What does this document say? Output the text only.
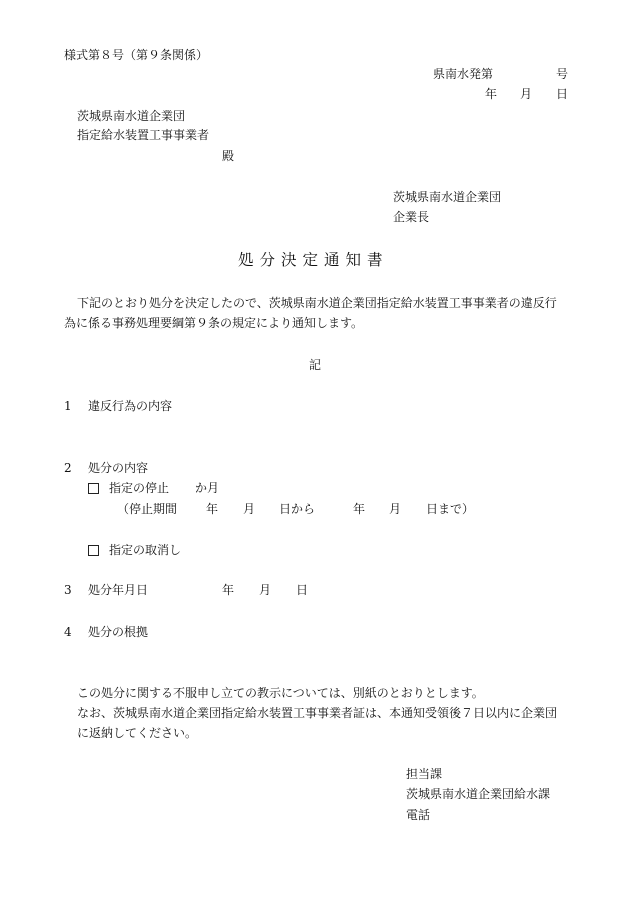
様式第８号（第９条関係）
県南水発第	号
年 月 日
茨城県南水道企業団
指定給水装置工事事業者
殿
茨城県南水道企業団
企業長
処分決定通知書
下記のとおり処分を決定したので、茨城県南水道企業団指定給水装置工事事業者の違反行
為に係る事務処理要綱第９条の規定により通知します。
記
1 違反行為の内容
2 処分の内容
指定の停止 か月
（停止期間 年 月 日から	年 月 日まで）
指定の取消し
3 処分年月日	年 月 日
4 処分の根拠
この処分に関する不服申し立ての教示については、別紙のとおりとします。
なお、茨城県南水道企業団指定給水装置工事事業者証は、本通知受領後７日以内に企業団
に返納してください。
担当課
茨城県南水道企業団給水課
電話
